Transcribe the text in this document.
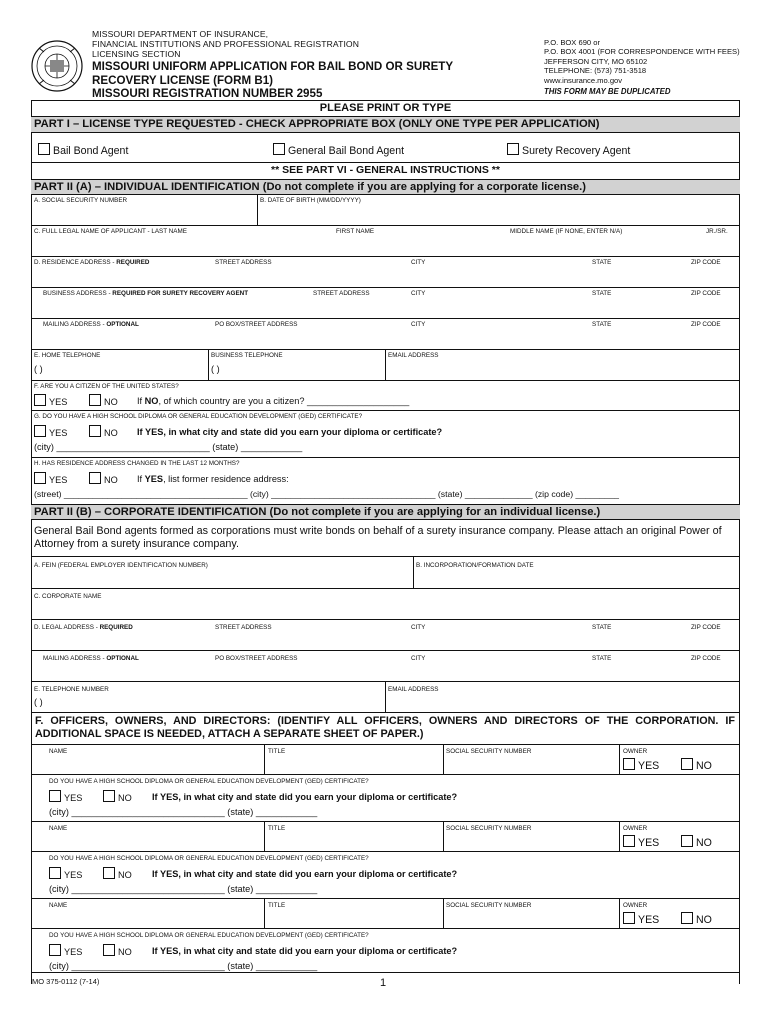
MISSOURI DEPARTMENT OF INSURANCE,
FINANCIAL INSTITUTIONS AND PROFESSIONAL REGISTRATION
LICENSING SECTION
MISSOURI UNIFORM APPLICATION FOR BAIL BOND OR SURETY
RECOVERY LICENSE (FORM B1)
MISSOURI REGISTRATION NUMBER 2955
P.O. BOX 690 or
P.O. BOX 4001 (FOR CORRESPONDENCE WITH FEES)
JEFFERSON CITY, MO 65102
TELEPHONE: (573) 751-3518
www.insurance.mo.gov
THIS FORM MAY BE DUPLICATED
PLEASE PRINT OR TYPE
PART I – LICENSE TYPE REQUESTED - CHECK APPROPRIATE BOX (ONLY ONE TYPE PER APPLICATION)
Bail Bond Agent	General Bail Bond Agent	Surety Recovery Agent
** SEE PART VI - GENERAL INSTRUCTIONS **
PART II (A) – INDIVIDUAL IDENTIFICATION (Do not complete if you are applying for a corporate license.)
A. SOCIAL SECURITY NUMBER	B. DATE OF BIRTH (MM/DD/YYYY)
C. FULL LEGAL NAME OF APPLICANT - LAST NAME	FIRST NAME	MIDDLE NAME (IF NONE, ENTER N/A)	JR./SR.
D. RESIDENCE ADDRESS - REQUIRED	STREET ADDRESS	CITY	STATE	ZIP CODE
BUSINESS ADDRESS - REQUIRED FOR SURETY RECOVERY AGENT	STREET ADDRESS	CITY	STATE	ZIP CODE
MAILING ADDRESS - OPTIONAL	PO BOX/STREET ADDRESS	CITY	STATE	ZIP CODE
E. HOME TELEPHONE	BUSINESS TELEPHONE	EMAIL ADDRESS
( )	( )
F. ARE YOU A CITIZEN OF THE UNITED STATES?
YES	NO If NO, of which country are you a citizen? ____________________
G. DO YOU HAVE A HIGH SCHOOL DIPLOMA OR GENERAL EDUCATION DEVELOPMENT (GED) CERTIFICATE?
YES	NO If YES, in what city and state did you earn your diploma or certificate?
(city) ______________________________ (state) ____________
H. HAS RESIDENCE ADDRESS CHANGED IN THE LAST 12 MONTHS?
YES	NO If YES, list former residence address:
(street) ______________________________________ (city) __________________________________ (state) ______________ (zip code) _________
PART II (B) – CORPORATE IDENTIFICATION (Do not complete if you are applying for an individual license.)
General Bail Bond agents formed as corporations must write bonds on behalf of a surety insurance company. Please attach an original Power of Attorney from a surety insurance company.
A. FEIN (FEDERAL EMPLOYER IDENTIFICATION NUMBER)	B. INCORPORATION/FORMATION DATE
C. CORPORATE NAME
D. LEGAL ADDRESS - REQUIRED	STREET ADDRESS	CITY	STATE	ZIP CODE
MAILING ADDRESS - OPTIONAL	PO BOX/STREET ADDRESS	CITY	STATE	ZIP CODE
E. TELEPHONE NUMBER	EMAIL ADDRESS
( )
F. OFFICERS, OWNERS, AND DIRECTORS: (IDENTIFY ALL OFFICERS, OWNERS AND DIRECTORS OF THE CORPORATION. IF ADDITIONAL SPACE IS NEEDED, ATTACH A SEPARATE SHEET OF PAPER.)
NAME	TITLE	SOCIAL SECURITY NUMBER	OWNER
YES	NO
DO YOU HAVE A HIGH SCHOOL DIPLOMA OR GENERAL EDUCATION DEVELOPMENT (GED) CERTIFICATE?
YES	NO If YES, in what city and state did you earn your diploma or certificate?
(city) ______________________________ (state) ____________
NAME	TITLE	SOCIAL SECURITY NUMBER	OWNER
YES	NO
DO YOU HAVE A HIGH SCHOOL DIPLOMA OR GENERAL EDUCATION DEVELOPMENT (GED) CERTIFICATE?
YES	NO If YES, in what city and state did you earn your diploma or certificate?
(city) ______________________________ (state) ____________
NAME	TITLE	SOCIAL SECURITY NUMBER	OWNER
YES	NO
DO YOU HAVE A HIGH SCHOOL DIPLOMA OR GENERAL EDUCATION DEVELOPMENT (GED) CERTIFICATE?
YES	NO If YES, in what city and state did you earn your diploma or certificate?
(city) ______________________________ (state) ____________
MO 375-0112 (7-14)	1
